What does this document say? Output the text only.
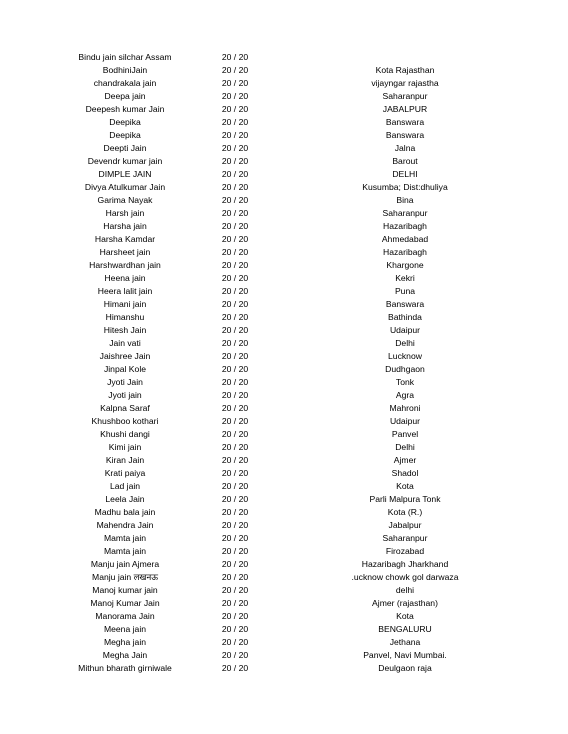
Bindu jain silchar Assam	20 / 20
BodhiniJain	20 / 20	Kota Rajasthan
chandrakala jain	20 / 20	vijayngar rajastha
Deepa jain	20 / 20	Saharanpur
Deepesh kumar Jain	20 / 20	JABALPUR
Deepika	20 / 20	Banswara
Deepika	20 / 20	Banswara
Deepti Jain	20 / 20	Jalna
Devendr kumar jain	20 / 20	Barout
DIMPLE JAIN	20 / 20	DELHI
Divya Atulkumar Jain	20 / 20	Kusumba; Dist:dhuliya
Garima Nayak	20 / 20	Bina
Harsh jain	20 / 20	Saharanpur
Harsha jain	20 / 20	Hazaribagh
Harsha Kamdar	20 / 20	Ahmedabad
Harsheet jain	20 / 20	Hazaribagh
Harshwardhan jain	20 / 20	Khargone
Heena jain	20 / 20	Kekri
Heera lalit jain	20 / 20	Puna
Himani jain	20 / 20	Banswara
Himanshu	20 / 20	Bathinda
Hitesh Jain	20 / 20	Udaipur
Jain vati	20 / 20	Delhi
Jaishree Jain	20 / 20	Lucknow
Jinpal Kole	20 / 20	Dudhgaon
Jyoti Jain	20 / 20	Tonk
Jyoti jain	20 / 20	Agra
Kalpna Saraf	20 / 20	Mahroni
Khushboo kothari	20 / 20	Udaipur
Khushi dangi	20 / 20	Panvel
Kimi jain	20 / 20	Delhi
Kiran Jain	20 / 20	Ajmer
Krati paiya	20 / 20	Shadol
Lad jain	20 / 20	Kota
Leela Jain	20 / 20	Parli Malpura Tonk
Madhu bala jain	20 / 20	Kota (R.)
Mahendra Jain	20 / 20	Jabalpur
Mamta jain	20 / 20	Saharanpur
Mamta jain	20 / 20	Firozabad
Manju jain Ajmera	20 / 20	Hazaribagh Jharkhand
Manju jain लखनऊ	20 / 20	.ucknow chowk gol darwaza
Manoj kumar jain	20 / 20	delhi
Manoj Kumar Jain	20 / 20	Ajmer (rajasthan)
Manorama Jain	20 / 20	Kota
Meena jain	20 / 20	BENGALURU
Megha jain	20 / 20	Jethana
Megha Jain	20 / 20	Panvel, Navi Mumbai.
Mithun bharath girniwale	20 / 20	Deulgaon raja
